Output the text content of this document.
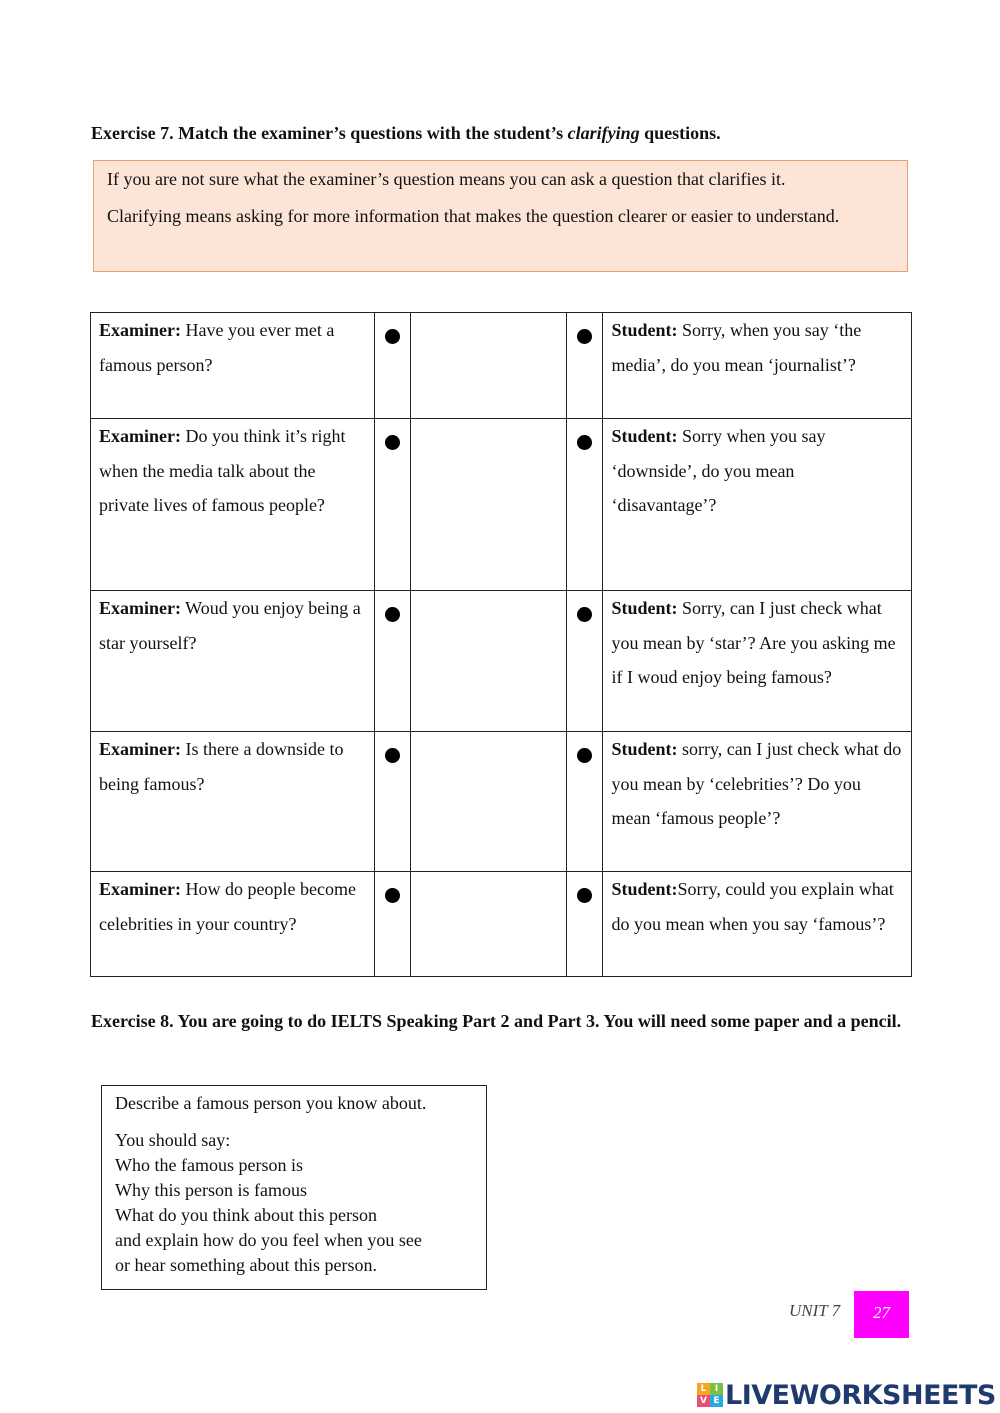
Exercise 7. Match the examiner’s questions with the student’s clarifying questions.

If you are not sure what the examiner’s question means you can ask a question that clarifies it.

Clarifying means asking for more information that makes the question clearer or easier to understand.

Examiner: Have you ever met a famous person?				Student: Sorry, when you say ‘the media’, do you mean ‘journalist’?
Examiner: Do you think it’s right when the media talk about the private lives of famous people?				Student: Sorry when you say ‘downside’, do you mean ‘disavantage’?
Examiner: Woud you enjoy being a star yourself?				Student: Sorry, can I just check what you mean by ‘star’? Are you asking me if I woud enjoy being famous?
Examiner: Is there a downside to being famous?				Student: sorry, can I just check what do you mean by ‘celebrities’? Do you mean ‘famous people’?
Examiner: How do people become celebrities in your country?				Student:Sorry, could you explain what do you mean when you say ‘famous’?
Exercise 8. You are going to do IELTS Speaking Part 2 and Part 3. You will need some paper and a pencil.

Describe a famous person you know about.

You should say:
Who the famous person is
Why this person is famous
What do you think about this person
and explain how do you feel when you see
or hear something about this person.
UNIT 7	27
L I
V E LIVEWORKSHEETS
